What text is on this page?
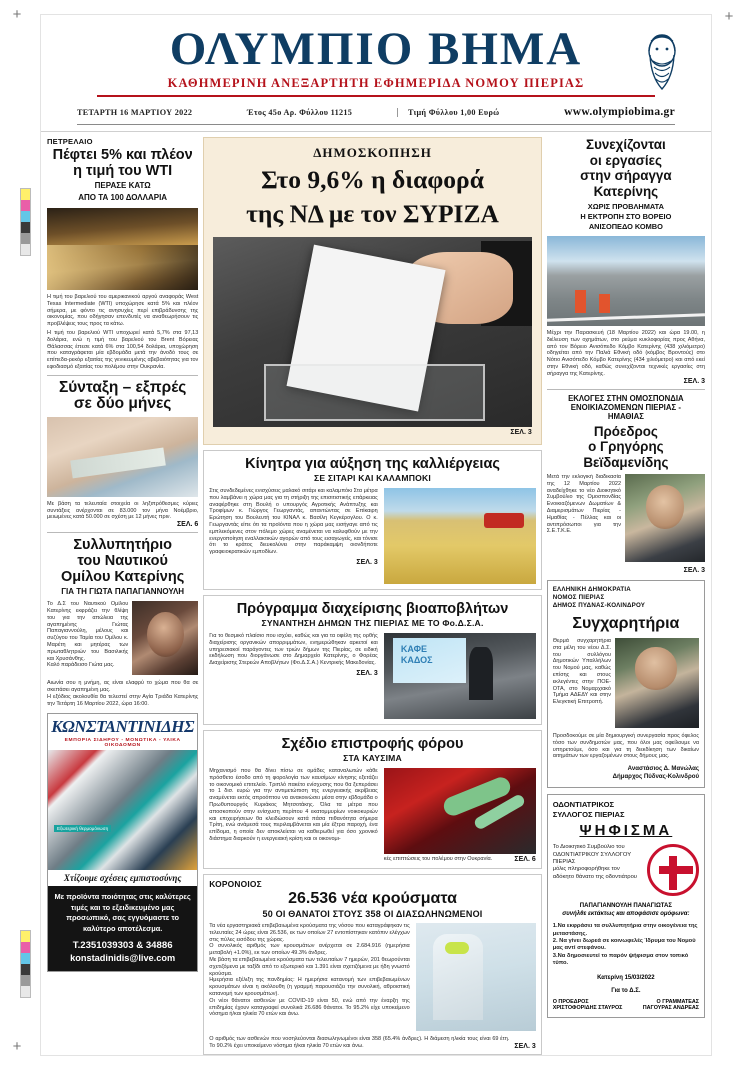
+	+
+
ΟΛΥΜΠΙΟ ΒΗΜΑ
ΚΑΘΗΜΕΡΙΝΗ ΑΝΕΞΑΡΤΗΤΗ ΕΦΗΜΕΡΙΔΑ ΝΟΜΟΥ ΠΙΕΡΙΑΣ
ΤΕΤΑΡΤΗ 16 ΜΑΡΤΙΟΥ 2022	Έτος 45ο Αρ. Φύλλου 11215	Τιμή Φύλλου 1,00 Ευρώ	www.olympiobima.gr
ΠΕΤΡΕΛΑΙΟ
Πέφτει 5% και πλέον
η τιμή του WTI
ΠΕΡΑΣΕ ΚΑΤΩ
ΑΠΟ ΤΑ 100 ΔΟΛΛΑΡΙΑ
Η τιμή του βαρελιού του αμερικανικού αργού αναφοράς West Texas Intermediate (WTI) υποχώρησε κατά 5% και πλέον σήμερα, με φόντο τις ανησυχίες περί επιβράδυνσης της οικονομίας, που οδήγησαν επενδυτές να αναθεωρήσουν τις προβλέψεις τους προς τα κάτω.
Η τιμή του βαρελιού WTI υποχωρεί κατά 5,7% στα 97,13 δολάρια, ενώ η τιμή του βαρελιού του Brent Βόρειας Θάλασσας έπεσε κατά 6% στα 100,54 δολάρια, υποχώρηση που καταγράφεται μία εβδομάδα μετά την άνοδό τους σε επίπεδα-ρεκόρ εξαιτίας της γενικευμένης αβεβαιότητας για τον εφοδιασμό εξαιτίας του πολέμου στην Ουκρανία.
Σύνταξη – εξπρές
σε δύο μήνες
Με βάση τα τελευταία στοιχεία οι ληξιπρόθεσμες κύριες συντάξεις ανέρχονται σε 83.000 τον μήνα Νοέμβριο, μειωμένες κατά 50.000 σε σχέση με 12 μήνες πριν.
ΣΕΛ. 6
Συλλυπητήριο
του Ναυτικού
Ομίλου Κατερίνης
ΓΙΑ ΤΗ ΓΙΩΤΑ ΠΑΠΑΓΙΑΝΝΟΥΛΗ
Το Δ.Σ του Ναυτικού Ομίλου Κατερίνης εκφράζει την θλίψη του για την απώλεια της αγαπημένης Γιώτας Παπαγιαννούλη, μέλους και συζύγου του Ταμία του Ομίλου κ. Μαρέτη και μητέρας των πρωταθλητριών του Βασιλικής και Χρυσάνθης.
Καλό παράδεισο Γιώτα μας.
Αιωνία σου η μνήμη, ας είναι ελαφρύ το χώμα που θα σε σκεπάσει αγαπημένη μας.
Η εξόδιος ακολουθία θα τελεστεί στην Αγία Τριάδα Κατερίνης την Τετάρτη 16 Μαρτίου 2022, ώρα 16:00.
ΚΩΝΣΤΑΝΤΙΝΙΔΗΣ
ΕΜΠΟΡΙΑ ΣΙΔΗΡΟΥ - ΜΟΝΩΤΙΚΑ - ΥΛΙΚΑ ΟΙΚΟΔΟΜΩΝ
Εξωτερική θερμομόνωση
Χτίζουμε σχέσεις εμπιστοσύνης
Με προϊόντα ποιότητας στις καλύτερες τιμές και το εξειδικευμένο μας προσωπικό, σας εγγυόμαστε το καλύτερο αποτέλεσμα.
Τ.2351039303 & 34886
konstadinidis@live.com
ΔΗΜΟΣΚΟΠΗΣΗ
Στο 9,6% η διαφορά
της ΝΔ με τον ΣΥΡΙΖΑ
ΣΕΛ. 3
Κίνητρα για αύξηση της καλλιέργειας
ΣΕ ΣΙΤΑΡΙ ΚΑΙ ΚΑΛΑΜΠΟΚΙ
Στις συνδεδεμένες ενισχύσεις μαλακό σιτάρι και καλαμπόκι Στα μέτρα που λαμβάνει η χώρα μας για τη στήριξη της επισιτιστικής επάρκειας αναφέρθηκε στη Βουλή ο υπουργός Αγροτικής Ανάπτυξης και Τροφίμων κ. Γιώργος Γεωργαντάς, απαντώντας σε Επίκαιρη Ερώτηση του Βουλευτή του ΚΙΝΑΛ κ. Βασίλη Κεγκέρογλου. Ο κ. Γεωργαντάς είπε ότι τα προϊόντα που η χώρα μας εισήγαγε από τις εμπλεκόμενες στον πόλεμο χώρες αναμένεται να καλυφθούν με την ενεργοποίηση εναλλακτικών αγορών από τους εισαγωγείς, και τόνισε ότι το κράτος διευκολύνει στην παράκαμψη οιονδήποτε γραφειοκρατικών εμποδίων.
ΣΕΛ. 3
Πρόγραμμα διαχείρισης βιοαποβλήτων
ΣΥΝΑΝΤΗΣΗ ΔΗΜΩΝ ΤΗΣ ΠΙΕΡΙΑΣ ΜΕ ΤΟ Φο.Δ.Σ.Α.
Για το θεσμικό πλαίσιο που ισχύει, καθώς και για τα οφέλη της ορθής διαχείρισης οργανικών απορριμμάτων, ενημερώθηκαν αρκετοί και υπηρεσιακοί παράγοντες των τριών δήμων της Πιερίας, σε ειδική εκδήλωση που διοργάνωσε στο Δημαρχείο Κατερίνης, ο Φορέας Διαχείρισης Στερεών Αποβλήτων (Φο.Δ.Σ.Α.) Κεντρικής Μακεδονίας.
ΣΕΛ. 3
ΚΑΦΕ
ΚΑΔΟΣ
Σχέδιο επιστροφής φόρου
ΣΤΑ ΚΑΥΣΙΜΑ
Μηχανισμό που θα δίνει πίσω σε ομάδες καταναλωτών κάθε πρόσθετο έσοδο από τη φορολογία των καυσίμων κίνησης εξετάζει το οικονομικό επιτελείο. Τριπλό πακέτο ενίσχυσης που θα ξεπεράσει το 1 δισ. ευρώ για την αντιμετώπιση της ενεργειακής ακρίβειας αναμένεται εκτός απροόπτου να ανακοινώσει μέσα στην εβδομάδα ο Πρωθυπουργός Κυριάκος Μητσοτάκης. Όλα τα μέτρα που αποσκοπούν στην ενίσχυση περίπου 4 εκατομμυρίων νοικοκυριών και επιχειρήσεων θα κλειδώσουν κατά πάσα πιθανότητα σήμερα Τρίτη, ενώ ανάμεσά τους περιλαμβάνεται και μία έξτρα παροχή, ένα επίδομα, η οποία δεν αποκλείεται να καθιερωθεί για όσο χρονικό διάστημα διαρκούν η ενεργειακή κρίση και οι οικονομι-
κές επιπτώσεις του πολέμου στην Ουκρανία.	ΣΕΛ. 6
ΚΟΡΟΝΟΙΟΣ
26.536 νέα κρούσματα
50 ΟΙ ΘΑΝΑΤΟΙ ΣΤΟΥΣ 358 ΟΙ ΔΙΑΣΩΛΗΝΩΜΕΝΟΙ
Τα νέα εργαστηριακά επιβεβαιωμένα κρούσματα της νόσου που καταγράφηκαν τις τελευταίες 24 ώρες είναι 26.536, εκ των οποίων 27 εντοπίστηκαν κατόπιν ελέγχων στις πύλες εισόδου της χώρας.
Ο συνολικός αριθμός των κρουσμάτων ανέρχεται σε 2.684.916 (ημερήσια μεταβολή +1.0%), εκ των οποίων 49.3% άνδρες.
Με βάση τα επιβεβαιωμένα κρούσματα των τελευταίων 7 ημερών, 201 θεωρούνται σχετιζόμενα με ταξίδι από το εξωτερικό και 1.391 είναι σχετιζόμενα με ήδη γνωστό κρούσμα.
Ημερήσια εξέλιξη της πανδημίας: Η ημερήσια κατανομή των επιβεβαιωμένων κρουσμάτων είναι η ακόλουθη (η γραμμή παρουσιάζει την συνολική, αθροιστική κατανομή των κρουσμάτων).
Οι νέοι θάνατοι ασθενών με COVID-19 είναι 50, ενώ από την έναρξη της επιδημίας έχουν καταγραφεί συνολικά 26.686 θάνατοι. Το 95.2% είχε υποκείμενο νόσημα ή/και ηλικία 70 ετών και άνω.
Ο αριθμός των ασθενών που νοσηλεύονται διασωληνωμένοι είναι 358 (65.4% άνδρες). Η διάμεση ηλικία τους είναι 69 έτη. Το 90.2% έχει υποκείμενο νόσημα ή/και ηλικία 70 ετών και άνω.	ΣΕΛ. 3
Συνεχίζονται
οι εργασίες
στην σήραγγα
Κατερίνης
ΧΩΡΙΣ ΠΡΟΒΛΗΜΑΤΑ
Η ΕΚΤΡΟΠΗ ΣΤΟ ΒΟΡΕΙΟ
ΑΝΙΣΟΠΕΔΟ ΚΟΜΒΟ
Μέχρι την Παρασκευή (18 Μαρτίου 2022) και ώρα 19.00, η διέλευση των οχημάτων, στο ρεύμα κυκλοφορίας προς Αθήνα, από τον Βόρειο Ανισόπεδο Κόμβο Κατερίνης (438 χιλιόμετρο) οδηγείται από την Παλιά Εθνική οδό (κόμβος Βροντούς) στο Νότιο Ανισόπεδο Κόμβο Κατερίνης (434 χιλιόμετρο) και από εκεί στην Εθνική οδό, καθώς συνεχίζονται τεχνικές εργασίες στη σήραγγα της Κατερίνης.
ΣΕΛ. 3
ΕΚΛΟΓΕΣ ΣΤΗΝ ΟΜΟΣΠΟΝΔΙΑ
ΕΝΟΙΚΙΑΖΟΜΕΝΩΝ ΠΙΕΡΙΑΣ -
ΗΜΑΘΙΑΣ
Πρόεδρος
ο Γρηγόρης
Βεϊδαμενίδης
Μετά την εκλογική διαδικασία της 12 Μαρτίου 2022 αναδείχθηκε το νέο Διοικητικό Συμβούλιο της Ομοσπονδίας Ενοικιαζόμενων Δωματίων & Διαμερισμάτων Πιερίας - Ημαθίας - Πέλλας και οι αντιπρόσωποι για την Σ.Ε.Τ.Κ.Ε.
ΣΕΛ. 3
ΕΛΛΗΝΙΚΗ ΔΗΜΟΚΡΑΤΙΑ
ΝΟΜΟΣ ΠΙΕΡΙΑΣ
ΔΗΜΟΣ ΠΥΔΝΑΣ-ΚΟΛΙΝΔΡΟΥ
Συγχαρητήρια
Θερμά συγχαρητήρια στα μέλη του νέου Δ.Σ. του συλλόγου Δημοτικών Υπαλλήλων του Νομού μας, καθώς επίσης και στους εκλεγέντες στην ΠΟΕ-ΟΤΑ, στο Νομαρχιακό Τμήμα ΑΔΕΔΥ και στην Ελεγκτική Επιτροπή.
Προσδοκούμε σε μία δημιουργική συνεργασία προς όφελος τόσο των συνδημοτών μας, που όλοι μας οφείλουμε να υπηρετούμε, όσο και για τη διεκδίκηση των δικαίων αιτημάτων των εργαζομένων στους δήμους μας.
Αναστάσιος Δ. Μανώλας
Δήμαρχος Πύδνας-Κολινδρού
ΟΔΟΝΤΙΑΤΡΙΚΟΣ
ΣΥΛΛΟΓΟΣ ΠΙΕΡΙΑΣ
ΨΗΦΙΣΜΑ
Το Διοικητικό Συμβούλιο του ΟΔΟΝΤΙΑΤΡΙΚΟΥ ΣΥΛΛΟΓΟΥ ΠΙΕΡΙΑΣ
μόλις πληροφορήθηκε τον αδόκητο θάνατο της οδοντιάτρου
ΠΑΠΑΓΙΑΝΝΟΥΛΗ ΠΑΝΑΓΙΩΤΑΣ
συνήλθε εκτάκτως και αποφάσισε ομόφωνα:
1.Να εκφράσει τα συλλυπητήρια στην οικογένεια της μεταστάσης.
2. Να γίνει δωρεά σε κοινωφελές Ίδρυμα του Νομού μας αντί στεφάνου.
3.Να δημοσιευτεί το παρόν ψήφισμα στον τοπικό τύπο.
Κατερίνη 15/03/2022
Για το Δ.Σ.
Ο ΠΡΟΕΔΡΟΣ	Ο ΓΡΑΜΜΑΤΕΑΣ
ΧΡΙΣΤΟΦΟΡΙΔΗΣ ΣΤΑΥΡΟΣ	ΠΑΓΟΥΡΑΣ ΑΝΔΡΕΑΣ
